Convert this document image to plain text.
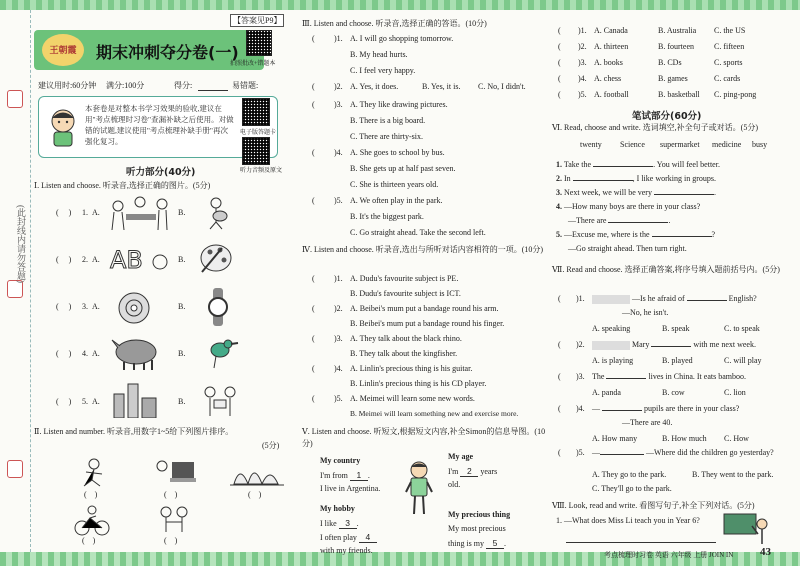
(此封线内请勿答题)
【答案见P9】
王朝霞	期末冲刺夺分卷(一)
拍照批改+错题本
建议用时:60分钟 满分:100分	得分:	易错题:
本套卷是对整本书学习效果的验收,建议在用"考点梳理时习卷"查漏补缺之后使用。对做错的试题,建议使用"考点梳理补缺手册"再次强化复习。
电子版答题卡
听力音频及原文
听力部分(40分)
Ⅰ. Listen and choose. 听录音,选择正确的图片。(5分)
(     ) 1. A.	B.
(     ) 2. A. AB	B.
(     ) 3. A.	B.
(     ) 4. A.	B.
(     ) 5. A.	B.
Ⅱ. Listen and number. 听录音,用数字1~5给下列图片排序。
(5分)
(    )	(    )	(    )
(    )	(    )
Ⅲ. Listen and choose. 听录音,选择正确的答语。(10分)
( )1. A. I will go shopping tomorrow.
B. My head hurts.
C. I feel very happy.
( )2. A. Yes, it does.	B. Yes, it is. C. No, I didn't.
( )3. A. They like drawing pictures.
B. There is a big board.
C. There are thirty-six.
( )4. A. She goes to school by bus.
B. She gets up at half past seven.
C. She is thirteen years old.
( )5. A. We often play in the park.
B. It's the biggest park.
C. Go straight ahead. Take the second left.
Ⅳ. Listen and choose. 听录音,选出与所听对话内容相符的一项。(10分)
( )1. A. Dudu's favourite subject is PE.
B. Dudu's favourite subject is ICT.
( )2. A. Beibei's mum put a bandage round his arm.
B. Beibei's mum put a bandage round his finger.
( )3. A. They talk about the black rhino.
B. They talk about the kingfisher.
( )4. A. Linlin's precious thing is his guitar.
B. Linlin's precious thing is his CD player.
( )5. A. Meimei will learn some new words.
B. Meimei will learn something new and exercise more.
Ⅴ. Listen and choose. 听短文,根据短文内容,补全Simon的信息导图。(10分)
My country
I'm from 1 .
I live in Argentina.
My hobby
I like 3 .
I often play 4
with my friends.
My age
I'm 2 years
old.
My precious thing
My most precious
thing is my 5 .
( )1. A. Canada	B. Australia C. the US
( )2. A. thirteen	B. fourteen	C. fifteen
( )3. A. books	B. CDs	C. sports
( )4. A. chess	B. games	C. cards
( )5. A. football	B. basketball C. ping-pong
笔试部分(60分)
Ⅵ. Read, choose and write. 选词填空,补全句子或对话。(5分)
twenty Science supermarket medicine busy
1. Take the	. You will feel better.
2. In	, I like working in groups.
3. Next week, we will be very	.
4. —How many boys are there in your class?
—There are	.
5. —Excuse me, where is the	?
—Go straight ahead. Then turn right.
Ⅶ. Read and choose. 选择正确答案,将序号填入题前括号内。(5分)
( )1.	—Is he afraid of	English?
—No, he isn't.
A. speaking	B. speak	C. to speak
( )2.	Mary	with me next week.
A. is playing	B. played	C. will play
( )3. The	lives in China. It eats bamboo.
A. panda	B. cow	C. lion
( )4. —	pupils are there in your class?
—There are 40.
A. How many	B. How much C. How
( )5. —	—Where did the children go yesterday?
A. They go to the park.	B. They went to the park.
C. They'll go to the park.
Ⅷ. Look, read and write. 看图写句子,补全下列对话。(5分)
1. —What does Miss Li teach you in Year 6?
考点梳理时习卷 英语 六年级 上册 JOIN IN 43
